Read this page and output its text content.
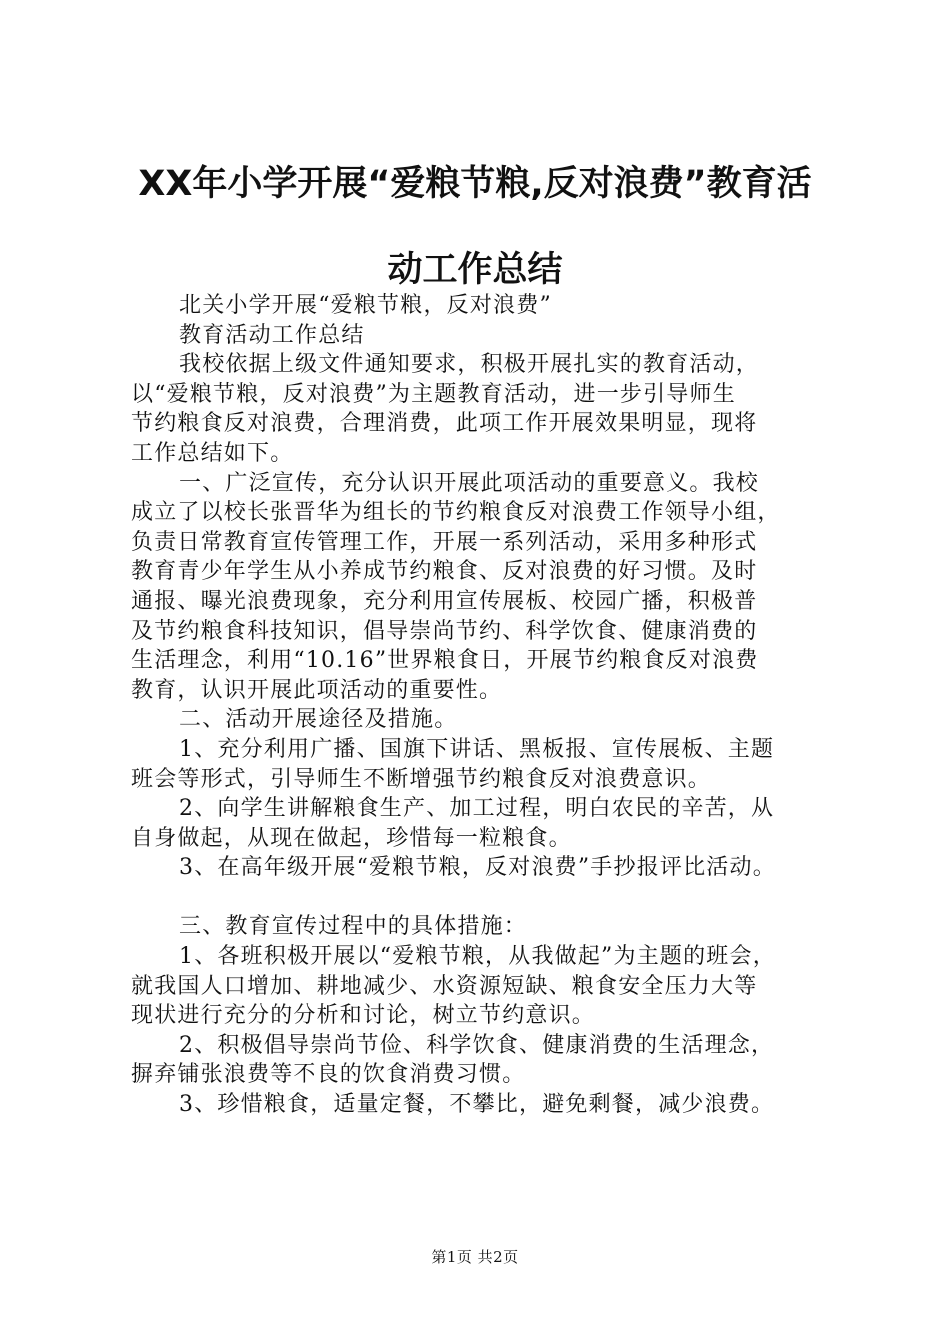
XX年小学开展“爱粮节粮,反对浪费”教育活
动工作总结
北关小学开展“爱粮节粮，反对浪费”
教育活动工作总结
我校依据上级文件通知要求，积极开展扎实的教育活动，
以“爱粮节粮，反对浪费”为主题教育活动，进一步引导师生
节约粮食反对浪费，合理消费，此项工作开展效果明显，现将
工作总结如下。
一、广泛宣传，充分认识开展此项活动的重要意义。我校
成立了以校长张晋华为组长的节约粮食反对浪费工作领导小组，
负责日常教育宣传管理工作，开展一系列活动，采用多种形式
教育青少年学生从小养成节约粮食、反对浪费的好习惯。及时
通报、曝光浪费现象，充分利用宣传展板、校园广播，积极普
及节约粮食科技知识，倡导崇尚节约、科学饮食、健康消费的
生活理念，利用“10.16”世界粮食日，开展节约粮食反对浪费
教育，认识开展此项活动的重要性。
二、活动开展途径及措施。
1、充分利用广播、国旗下讲话、黑板报、宣传展板、主题
班会等形式，引导师生不断增强节约粮食反对浪费意识。
2、向学生讲解粮食生产、加工过程，明白农民的辛苦，从
自身做起，从现在做起，珍惜每一粒粮食。
3、在高年级开展“爱粮节粮，反对浪费”手抄报评比活动。
三、教育宣传过程中的具体措施：
1、各班积极开展以“爱粮节粮，从我做起”为主题的班会，
就我国人口增加、耕地减少、水资源短缺、粮食安全压力大等
现状进行充分的分析和讨论，树立节约意识。
2、积极倡导崇尚节俭、科学饮食、健康消费的生活理念，
摒弃铺张浪费等不良的饮食消费习惯。
3、珍惜粮食，适量定餐，不攀比，避免剩餐，减少浪费。
第1页 共2页
